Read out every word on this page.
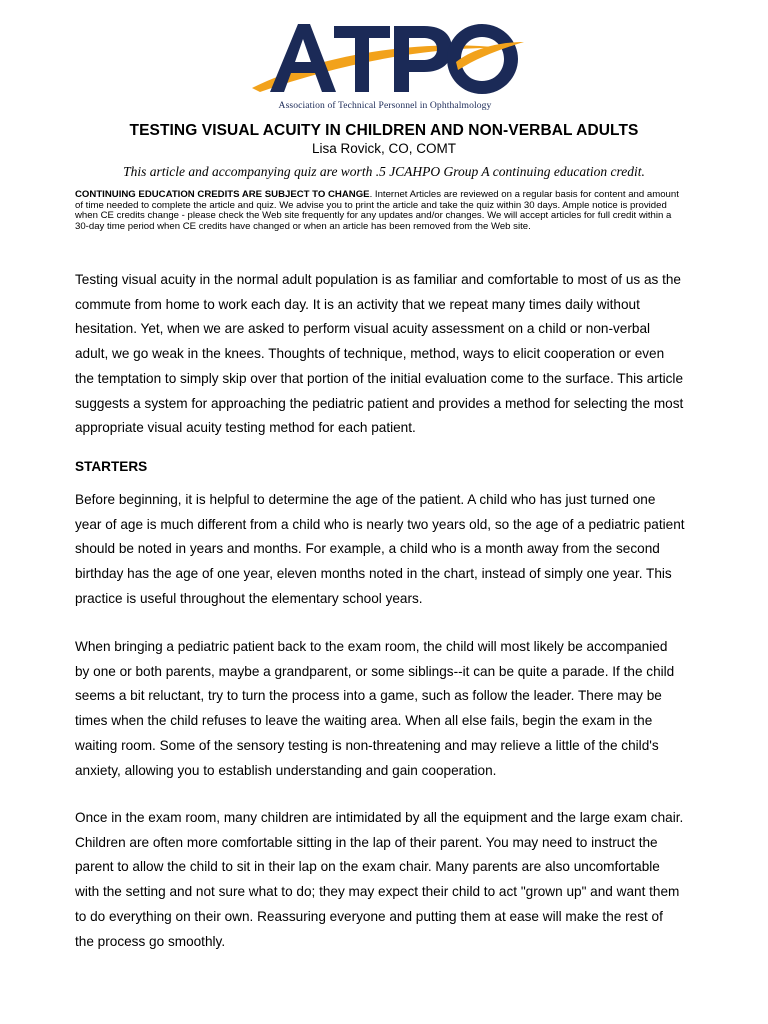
Association of Technical Personnel in Ophthalmology
TESTING VISUAL ACUITY IN CHILDREN AND NON-VERBAL ADULTS
Lisa Rovick, CO, COMT
This article and accompanying quiz are worth .5 JCAHPO Group A continuing education credit.
CONTINUING EDUCATION CREDITS ARE SUBJECT TO CHANGE. Internet Articles are reviewed on a regular basis for content and amount of time needed to complete the article and quiz. We advise you to print the article and take the quiz within 30 days. Ample notice is provided when CE credits change - please check the Web site frequently for any updates and/or changes. We will accept articles for full credit within a 30-day time period when CE credits have changed or when an article has been removed from the Web site.
Testing visual acuity in the normal adult population is as familiar and comfortable to most of us as the commute from home to work each day. It is an activity that we repeat many times daily without hesitation. Yet, when we are asked to perform visual acuity assessment on a child or non-verbal adult, we go weak in the knees. Thoughts of technique, method, ways to elicit cooperation or even the temptation to simply skip over that portion of the initial evaluation come to the surface. This article suggests a system for approaching the pediatric patient and provides a method for selecting the most appropriate visual acuity testing method for each patient.
STARTERS
Before beginning, it is helpful to determine the age of the patient. A child who has just turned one year of age is much different from a child who is nearly two years old, so the age of a pediatric patient should be noted in years and months. For example, a child who is a month away from the second birthday has the age of one year, eleven months noted in the chart, instead of simply one year. This practice is useful throughout the elementary school years.
When bringing a pediatric patient back to the exam room, the child will most likely be accompanied by one or both parents, maybe a grandparent, or some siblings--it can be quite a parade. If the child seems a bit reluctant, try to turn the process into a game, such as follow the leader. There may be times when the child refuses to leave the waiting area. When all else fails, begin the exam in the waiting room. Some of the sensory testing is non-threatening and may relieve a little of the child's anxiety, allowing you to establish understanding and gain cooperation.
Once in the exam room, many children are intimidated by all the equipment and the large exam chair. Children are often more comfortable sitting in the lap of their parent. You may need to instruct the parent to allow the child to sit in their lap on the exam chair. Many parents are also uncomfortable with the setting and not sure what to do; they may expect their child to act "grown up" and want them to do everything on their own. Reassuring everyone and putting them at ease will make the rest of the process go smoothly.
